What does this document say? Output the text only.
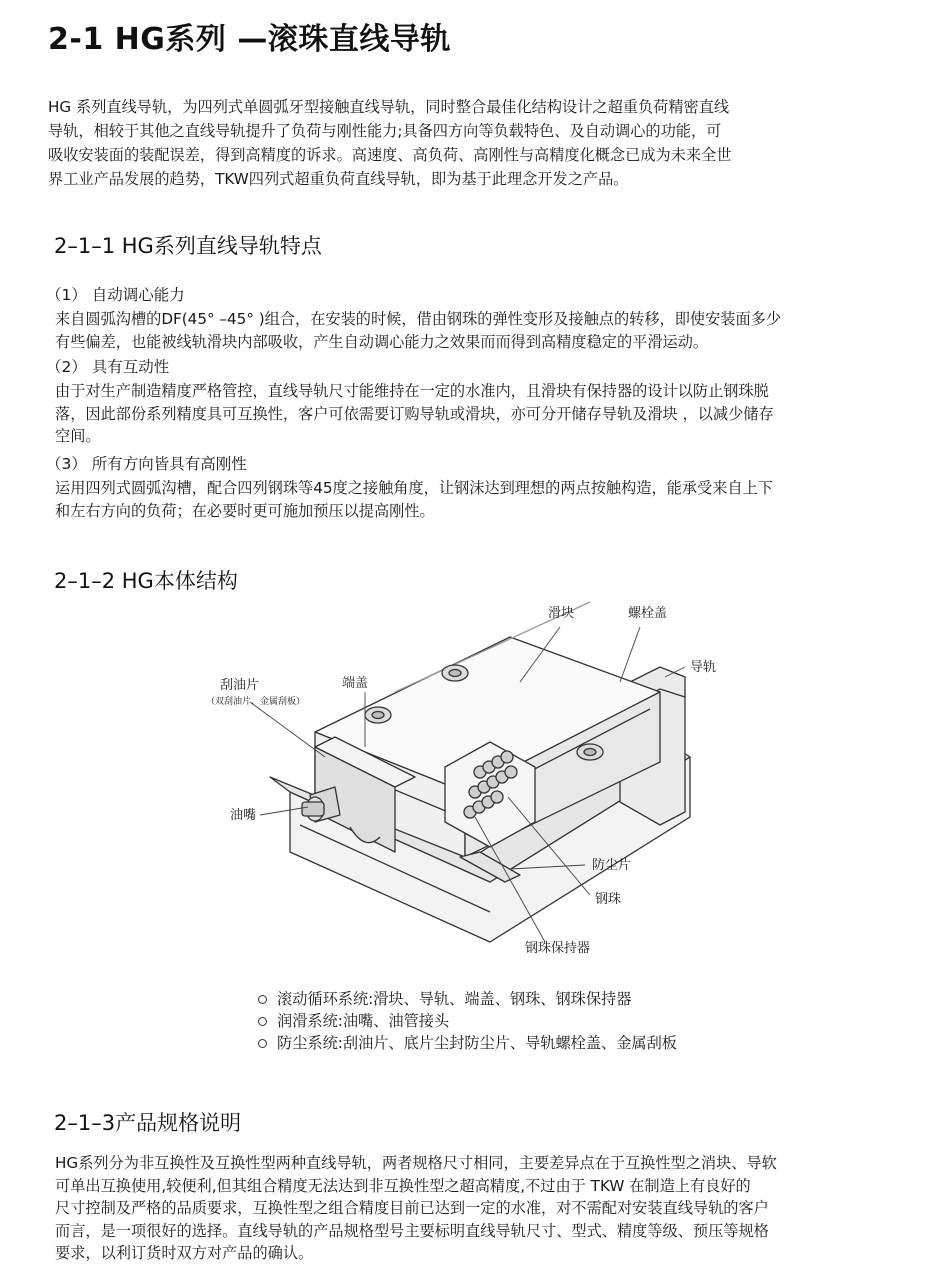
2-1 HG系列 —滚珠直线导轨

HG 系列直线导轨，为四列式单圆弧牙型接触直线导轨，同时整合最佳化结构设计之超重负荷精密直线

导轨，相较于其他之直线导轨提升了负荷与刚性能力;具备四方向等负载特色、及自动调心的功能，可

吸收安装面的装配误差，得到高精度的诉求。高速度、高负荷、高刚性与高精度化概念已成为未来全世

界工业产品发展的趋势，TKW四列式超重负荷直线导轨，即为基于此理念开发之产品。

2–1–1 HG系列直线导轨特点
（1） 自动调心能力

来自圆弧沟槽的DF(45° –45° )组合，在安装的时候，借由钢珠的弹性变形及接触点的转移，即使安装面多少

有些偏差，也能被线轨滑块内部吸收，产生自动调心能力之效果而而得到高精度稳定的平滑运动。

（2） 具有互动性

由于对生产制造精度严格管控，直线导轨尺寸能维持在一定的水准内，且滑块有保持器的设计以防止钢珠脱

落，因此部份系列精度具可互换性，客户可依需要订购导轨或滑块，亦可分开储存导轨及滑块 ，以减少储存

空间。

（3） 所有方向皆具有高刚性

运用四列式圆弧沟槽，配合四列钢珠等45度之接触角度，让钢沫达到理想的两点按触构造，能承受来自上下

和左右方向的负荷；在必要时更可施加预压以提高刚性。

2–1–2 HG本体结构
滑块	螺栓盖
导轨
刮油片
（双刮油片、金属刮板）
端盖
油嘴
防尘片
钢珠
钢珠保持器
滚动循环系统:滑块、导轨、端盖、钢珠、钢珠保持器
润滑系统:油嘴、油管接头
防尘系统:刮油片、底片尘封防尘片、导轨螺栓盖、金属刮板
2–1–3产品规格说明

HG系列分为非互换性及互换性型两种直线导轨，两者规格尺寸相同，主要差异点在于互换性型之消块、导软

可单出互换使用,较便利,但其组合精度无法达到非互换性型之超高精度,不过由于 TKW 在制造上有良好的

尺寸控制及严格的品质要求，互换性型之组合精度目前已达到一定的水准，对不需配对安装直线导轨的客户

而言，是一项很好的选择。直线导轨的产品规格型号主要标明直线导轨尺寸、型式、精度等级、预压等规格

要求，以利订货时双方对产品的确认。
